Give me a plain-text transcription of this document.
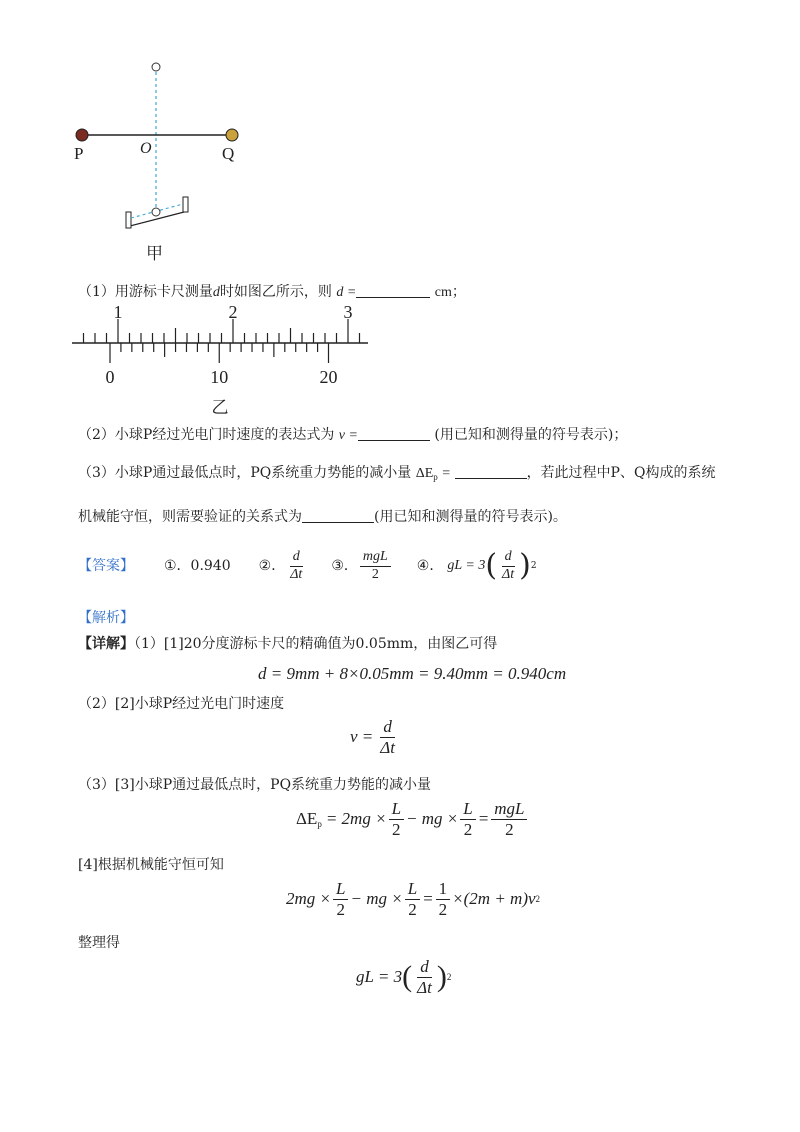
P	O	Q
甲
（1）用游标卡尺测量d时如图乙所示，则 d =	cm；
1	2	3
0	10	20
乙
（2）小球P经过光电门时速度的表达式为 v =	(用已知和测得量的符号表示)；
（3）小球P通过最低点时，PQ系统重力势能的减小量 $\Delta E_p$ =	，若此过程中P、Q构成的系统
机械能守恒，则需要验证的关系式为	(用已知和测得量的符号表示)。
【答案】 ①．0.940 ②． $\frac{d}{\Delta t}$ ③． $\frac{\text{mgL}}{2}$ ④． gL = 3 ( $\frac{d}{\Delta t}$ ) 2
【解析】
【详解】（1）[1]20分度游标卡尺的精确值为0.05mm，由图乙可得
d = 9mm + 8×0.05mm = 9.40mm = 0.940cm
（2）[2]小球P经过光电门时速度
$v = \frac{d}{\Delta t}$
（3）[3]小球P通过最低点时，PQ系统重力势能的减小量
$\Delta E_p = 2mg \times \frac{L}{2}$ − mg × $\frac{L}{2} = \frac{\text{mgL}}{2}$
[4]根据机械能守恒可知
$2mg \times \frac{L}{2}$ − mg × $\frac{L}{2} = \frac{1}{2} \times(2m + m)v$ 2
整理得
gL = 3 ( $\frac{d}{\Delta t}$ ) 2
